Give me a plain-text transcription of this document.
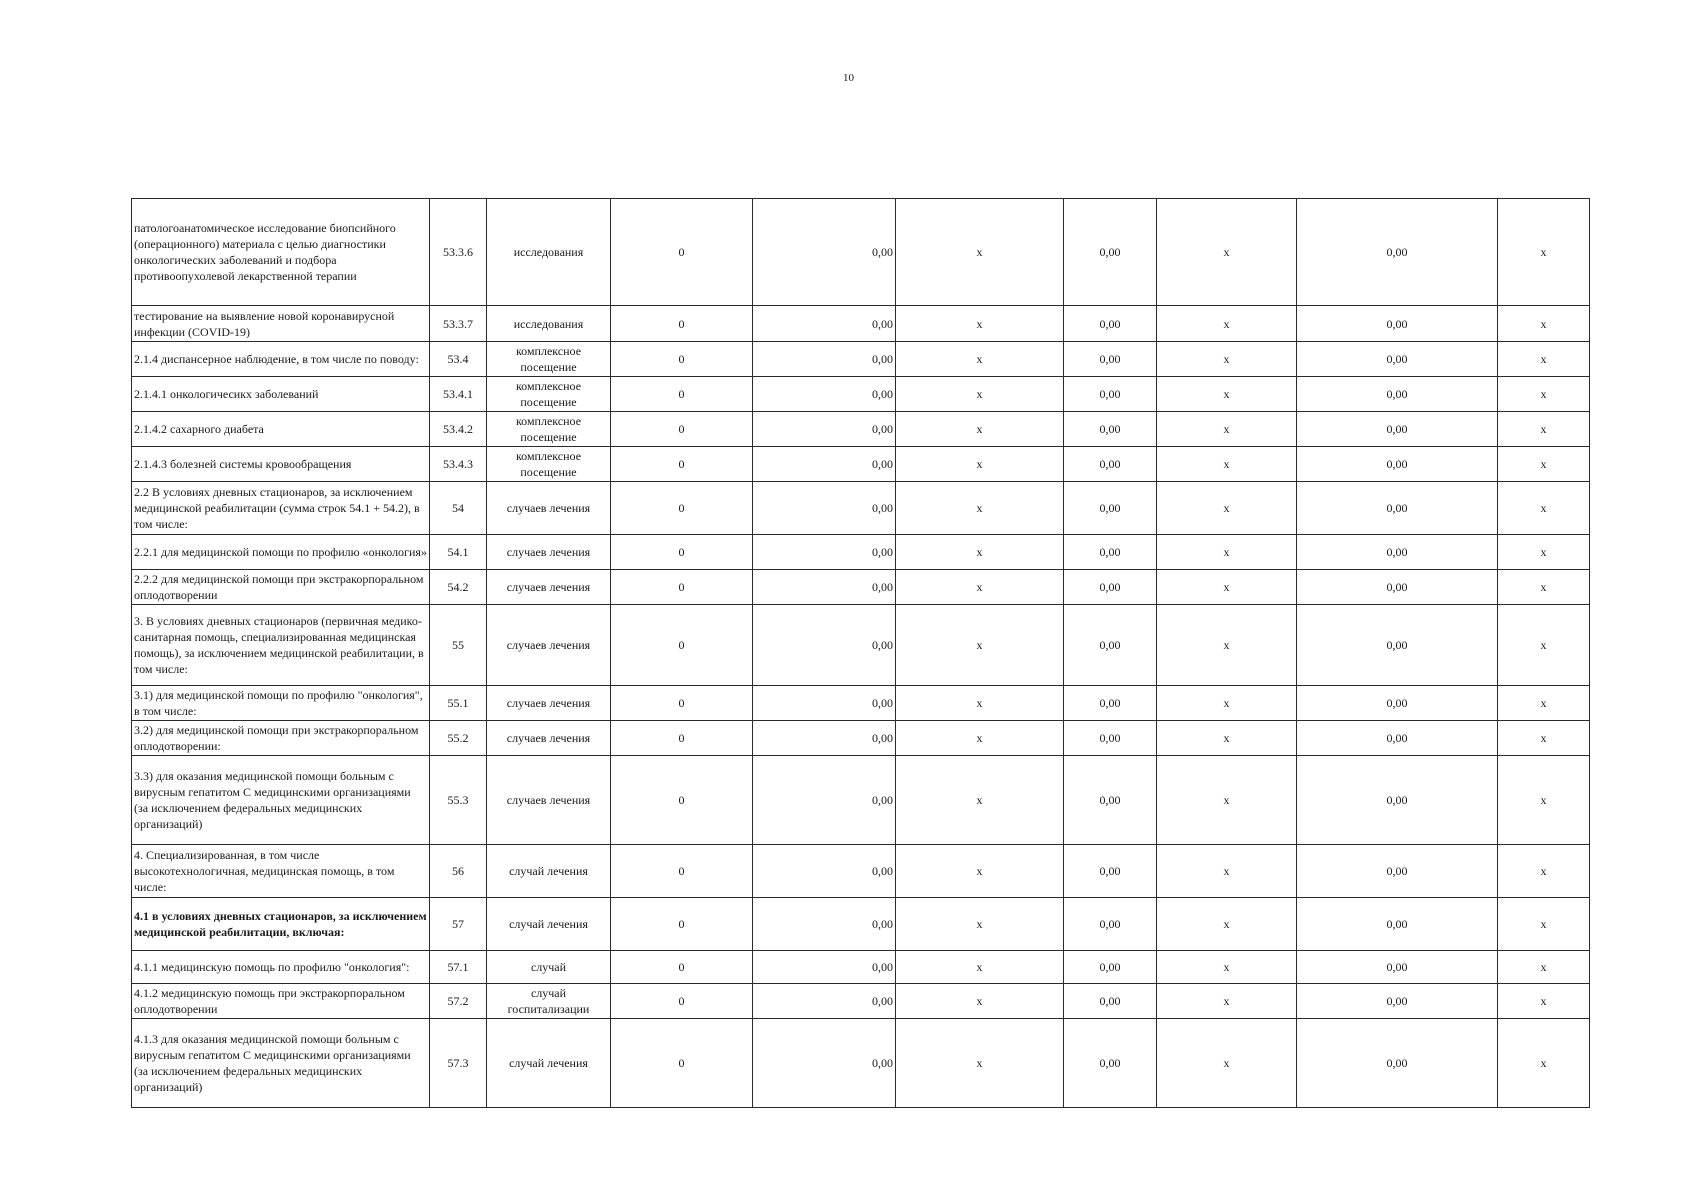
10
патологоанатомическое исследование биопсийного (операционного) материала с целью диагностики онкологических заболеваний и подбора противоопухолевой лекарственной терапии	53.3.6	исследования	0	0,00	x	0,00	x	0,00	x
тестирование на выявление новой коронавирусной инфекции (COVID-19)	53.3.7	исследования	0	0,00	x	0,00	x	0,00	x
2.1.4 диспансерное наблюдение, в том числе по поводу:	53.4	комплексное посещение	0	0,00	x	0,00	x	0,00	x
2.1.4.1 онкологичесикх заболеваний	53.4.1	комплексное посещение	0	0,00	x	0,00	x	0,00	x
2.1.4.2 сахарного диабета	53.4.2	комплексное посещение	0	0,00	x	0,00	x	0,00	x
2.1.4.3 болезней системы кровообращения	53.4.3	комплексное посещение	0	0,00	x	0,00	x	0,00	x
2.2 В условиях дневных стационаров, за исключением медицинской реабилитации (сумма строк 54.1 + 54.2), в том числе:	54	случаев лечения	0	0,00	x	0,00	x	0,00	x
2.2.1 для медицинской помощи по профилю «онкология»	54.1	случаев лечения	0	0,00	x	0,00	x	0,00	x
2.2.2 для медицинской помощи при экстракорпоральном оплодотворении	54.2	случаев лечения	0	0,00	x	0,00	x	0,00	x
3. В условиях дневных стационаров (первичная медико-санитарная помощь, специализированная медицинская помощь), за исключением медицинской реабилитации, в том числе:	55	случаев лечения	0	0,00	x	0,00	x	0,00	x
3.1) для медицинской помощи по профилю "онкология", в том числе:	55.1	случаев лечения	0	0,00	x	0,00	x	0,00	x
3.2) для медицинской помощи при экстракорпоральном оплодотворении:	55.2	случаев лечения	0	0,00	x	0,00	x	0,00	x
3.3) для оказания медицинской помощи больным с вирусным гепатитом С медицинскими организациями (за исключением федеральных медицинских организаций)	55.3	случаев лечения	0	0,00	x	0,00	x	0,00	x
4. Специализированная, в том числе высокотехнологичная, медицинская помощь, в том числе:	56	случай лечения	0	0,00	x	0,00	x	0,00	x
4.1 в условиях дневных стационаров, за исключением медицинской реабилитации, включая:	57	случай лечения	0	0,00	x	0,00	x	0,00	x
4.1.1 медицинскую помощь по профилю "онкология":	57.1	случай	0	0,00	x	0,00	x	0,00	x
4.1.2 медицинскую помощь при экстракорпоральном оплодотворении	57.2	случай госпитализации	0	0,00	x	0,00	x	0,00	x
4.1.3 для оказания медицинской помощи больным с вирусным гепатитом С медицинскими организациями (за исключением федеральных медицинских организаций)	57.3	случай лечения	0	0,00	x	0,00	x	0,00	x
